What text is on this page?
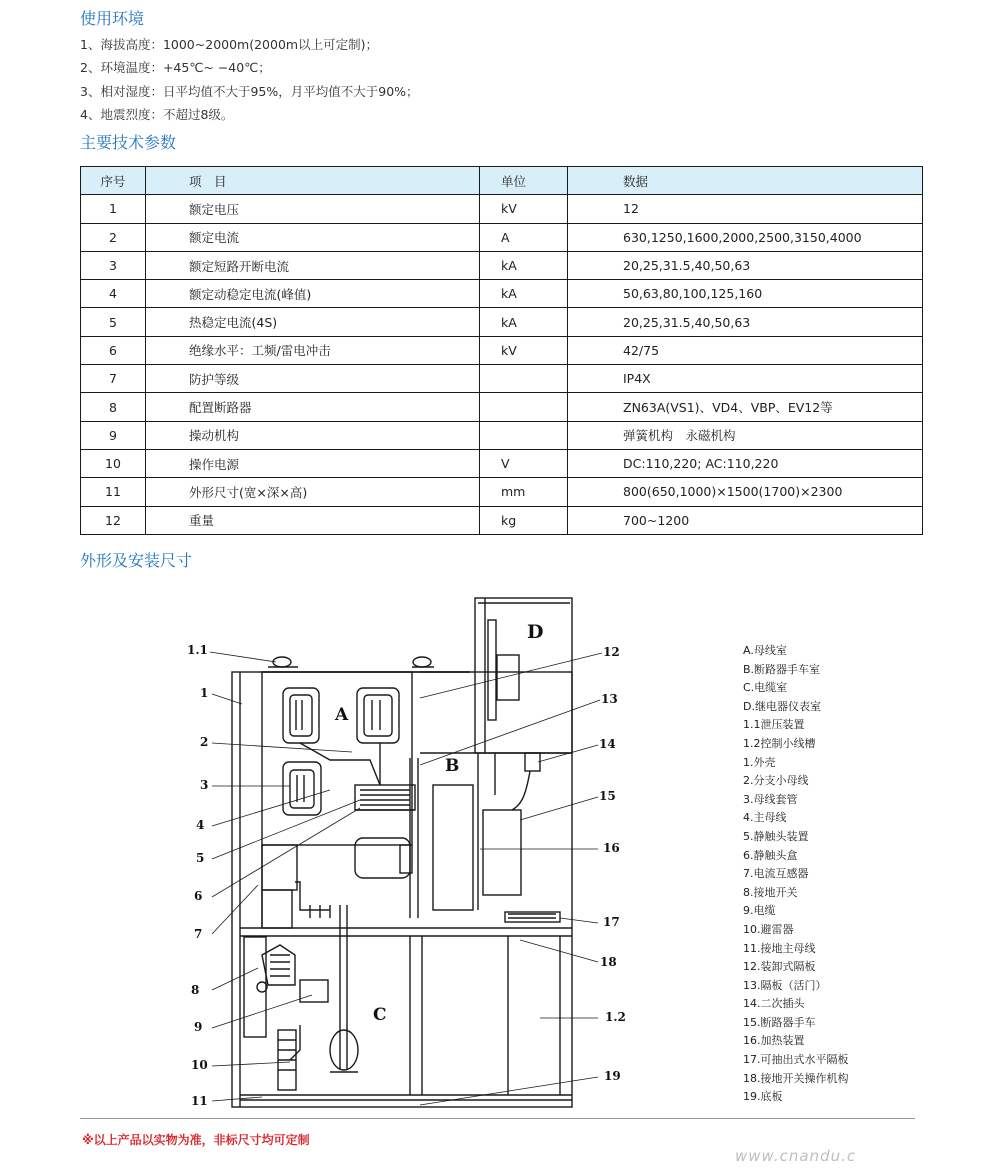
使用环境
1、海拔高度：1000~2000m(2000m以上可定制)；
2、环境温度：+45℃~ −40℃；
3、相对湿度：日平均值不大于95%，月平均值不大于90%；
4、地震烈度：不超过8级。
主要技术参数
序号	项　目	单位	数据
1	额定电压	kV	12
2	额定电流	A	630,1250,1600,2000,2500,3150,4000
3	额定短路开断电流	kA	20,25,31.5,40,50,63
4	额定动稳定电流(峰值)	kA	50,63,80,100,125,160
5	热稳定电流(4S)	kA	20,25,31.5,40,50,63
6	绝缘水平：工频/雷电冲击	kV	42/75
7	防护等级		IP4X
8	配置断路器		ZN63A(VS1)、VD4、VBP、EV12等
9	操动机构		弹簧机构　永磁机构
10	操作电源	V	DC:110,220; AC:110,220
11	外形尺寸(宽×深×高)	mm	800(650,1000)×1500(1700)×2300
12	重量	kg	700~1200
外形及安装尺寸
A
B
C
D
1.1
1
2
3
4
5
6
7
8
9
10
11
12
13
14
15
16
17
18
1.2
19
A.母线室
B.断路器手车室
C.电缆室
D.继电器仪表室
1.1泄压装置
1.2控制小线槽
1.外壳
2.分支小母线
3.母线套管
4.主母线
5.静触头装置
6.静触头盒
7.电流互感器
8.接地开关
9.电缆
10.避雷器
11.接地主母线
12.装卸式隔板
13.隔板（活门）
14.二次插头
15.断路器手车
16.加热装置
17.可抽出式水平隔板
18.接地开关操作机构
19.底板
※以上产品以实物为准，非标尺寸均可定制
www.cnandu.c
